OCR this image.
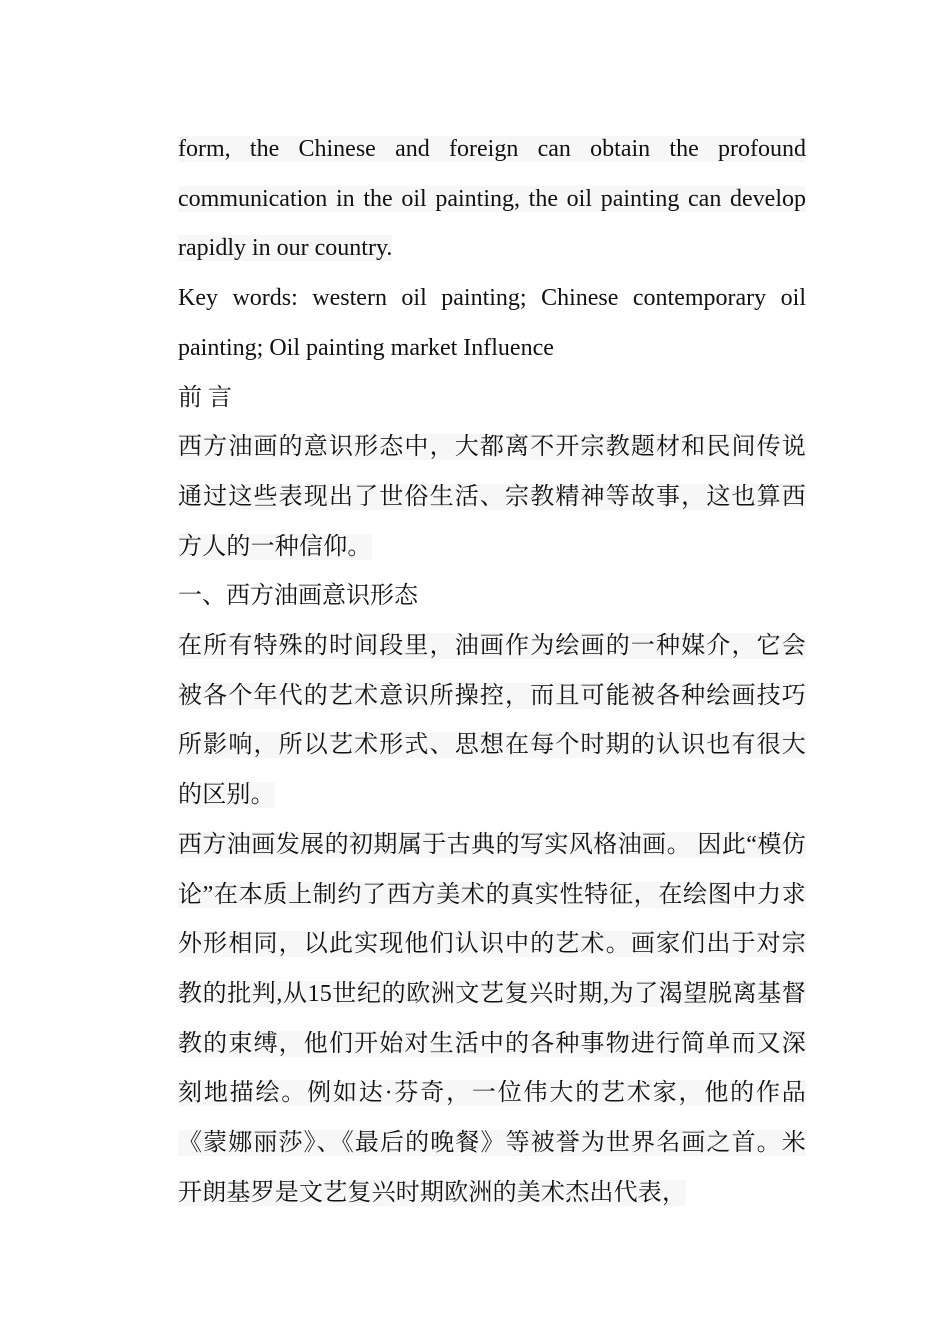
form, the Chinese and foreign can obtain the profound communication in the oil painting, the oil painting can develop rapidly in our country.

Key words: western oil painting; Chinese contemporary oil painting; Oil painting market Influence

前 言

西方油画的意识形态中，大都离不开宗教题材和民间传说通过这些表现出了世俗生活、宗教精神等故事，这也算西方人的一种信仰。

一、西方油画意识形态

在所有特殊的时间段里，油画作为绘画的一种媒介，它会被各个年代的艺术意识所操控，而且可能被各种绘画技巧所影响，所以艺术形式、思想在每个时期的认识也有很大的区别。

西方油画发展的初期属于古典的写实风格油画。 因此“模仿论”在本质上制约了西方美术的真实性特征，在绘图中力求外形相同，以此实现他们认识中的艺术。画家们出于对宗教的批判,从15世纪的欧洲文艺复兴时期,为了渴望脱离基督教的束缚，他们开始对生活中的各种事物进行简单而又深刻地描绘。例如达·芬奇，一位伟大的艺术家，他的作品《蒙娜丽莎》、《最后的晚餐》等被誉为世界名画之首。米开朗基罗是文艺复兴时期欧洲的美术杰出代表，
